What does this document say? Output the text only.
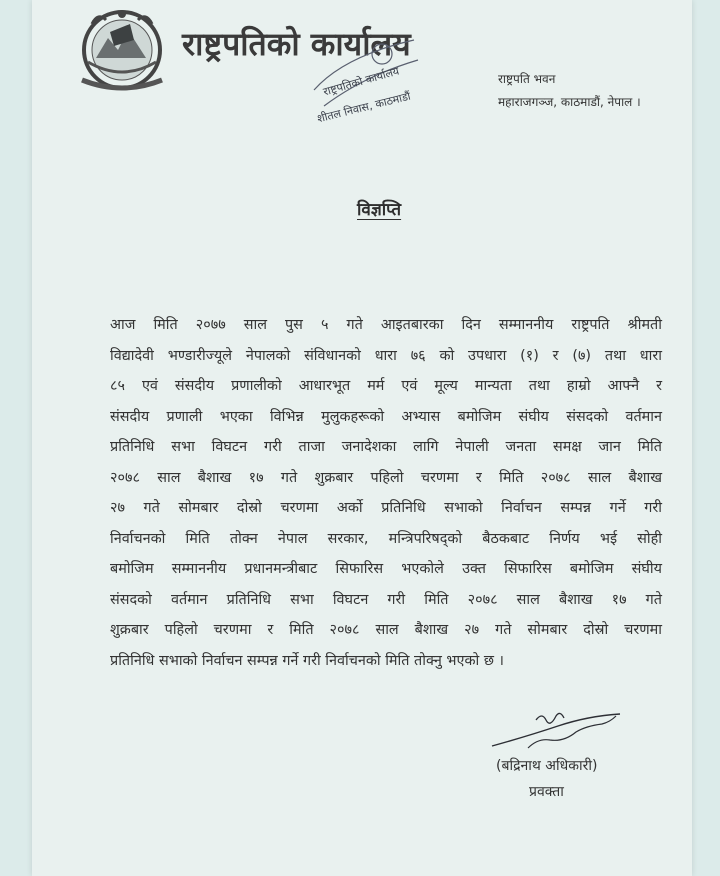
राष्ट्रपतिको कार्यालय
राष्ट्रपतिको कार्यालय
शीतल निवास, काठमाडौं
राष्ट्रपति भवन
महाराजगञ्ज, काठमाडौं, नेपाल ।
विज्ञप्ति
आज मिति २०७७ साल पुस ५ गते आइतबारका दिन सम्माननीय राष्ट्रपति श्रीमती
विद्यादेवी भण्डारीज्यूले नेपालको संविधानको धारा ७६ को उपधारा (१) र (७) तथा धारा
८५ एवं संसदीय प्रणालीको आधारभूत मर्म एवं मूल्य मान्यता तथा हाम्रो आफ्नै र
संसदीय प्रणाली भएका विभिन्न मुलुकहरूको अभ्यास बमोजिम संघीय संसदको वर्तमान
प्रतिनिधि सभा विघटन गरी ताजा जनादेशका लागि नेपाली जनता समक्ष जान मिति
२०७८ साल बैशाख १७ गते शुक्रबार पहिलो चरणमा र मिति २०७८ साल बैशाख
२७ गते सोमबार दोस्रो चरणमा अर्को प्रतिनिधि सभाको निर्वाचन सम्पन्न गर्ने गरी
निर्वाचनको मिति तोक्न नेपाल सरकार, मन्त्रिपरिषद्को बैठकबाट निर्णय भई सोही
बमोजिम सम्माननीय प्रधानमन्त्रीबाट सिफारिस भएकोले उक्त सिफारिस बमोजिम संघीय
संसदको वर्तमान प्रतिनिधि सभा विघटन गरी मिति २०७८ साल बैशाख १७ गते
शुक्रबार पहिलो चरणमा र मिति २०७८ साल बैशाख २७ गते सोमबार दोस्रो चरणमा
प्रतिनिधि सभाको निर्वाचन सम्पन्न गर्ने गरी निर्वाचनको मिति तोक्नु भएको छ ।
(बद्रिनाथ अधिकारी)
प्रवक्ता
